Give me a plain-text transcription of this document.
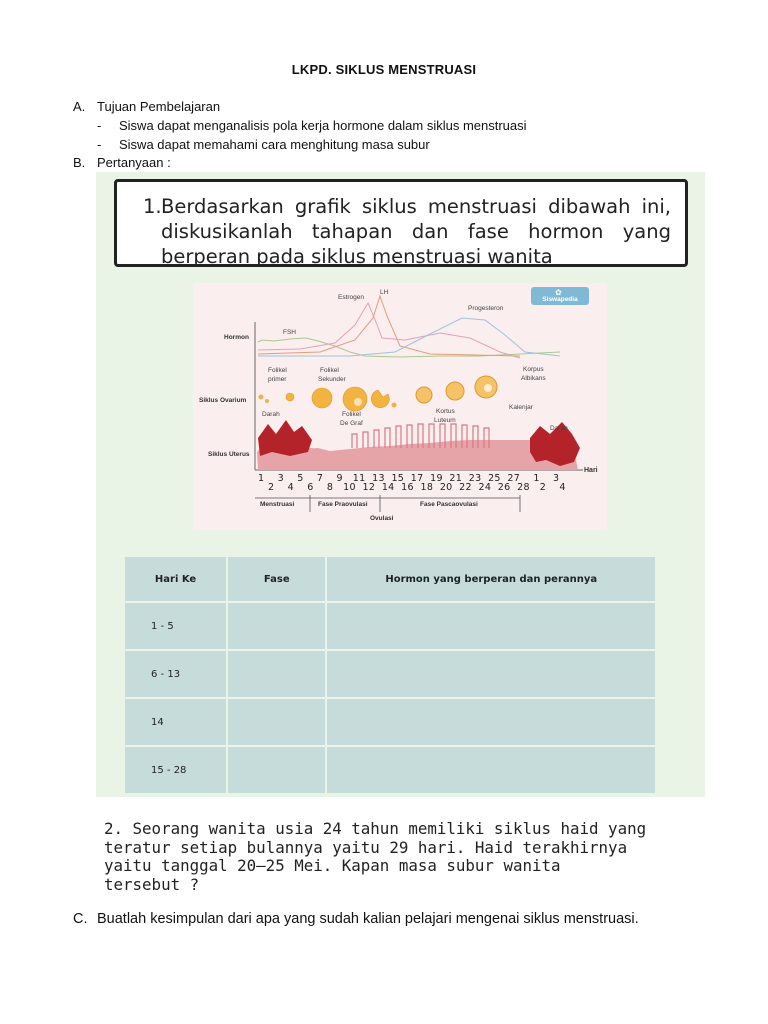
LKPD. SIKLUS MENSTRUASI
A. Tujuan Pembelajaran
- Siswa dapat menganalisis pola kerja hormone dalam siklus menstruasi
- Siswa dapat memahami cara menghitung masa subur
B. Pertanyaan :
1. Berdasarkan grafik siklus menstruasi dibawah ini, diskusikanlah tahapan dan fase hormon yang berperan pada siklus menstruasi wanita
✿
Siswapedia
Estrogen
LH
Progesteron
FSH
Hormon
Siklus Ovarium
Siklus Uterus
Folikel
primer
Folikel
Sekunder
Folikel
De Graf
Kortus
Luteum
Kalenjar
Korpus
Albikans
Darah
Darah
Hari
1    3    5    7    9   11  13  15  17  19  21  23  25  27    1    3
2    4    6    8   10  12  14  16  18  20  22  24  26  28   2    4
Menstruasi	Fase Praovulasi	Fase Pascaovulasi
Ovulasi
Hari Ke	Fase	Hormon yang berperan dan perannya
1 - 5		
6 - 13		
14		
15 - 28		
2. Seorang wanita usia 24 tahun memiliki siklus haid yang
teratur setiap bulannya yaitu 29 hari. Haid terakhirnya
yaitu tanggal 20–25 Mei. Kapan masa subur wanita
tersebut ?
C. Buatlah kesimpulan dari apa yang sudah kalian pelajari mengenai siklus menstruasi.
